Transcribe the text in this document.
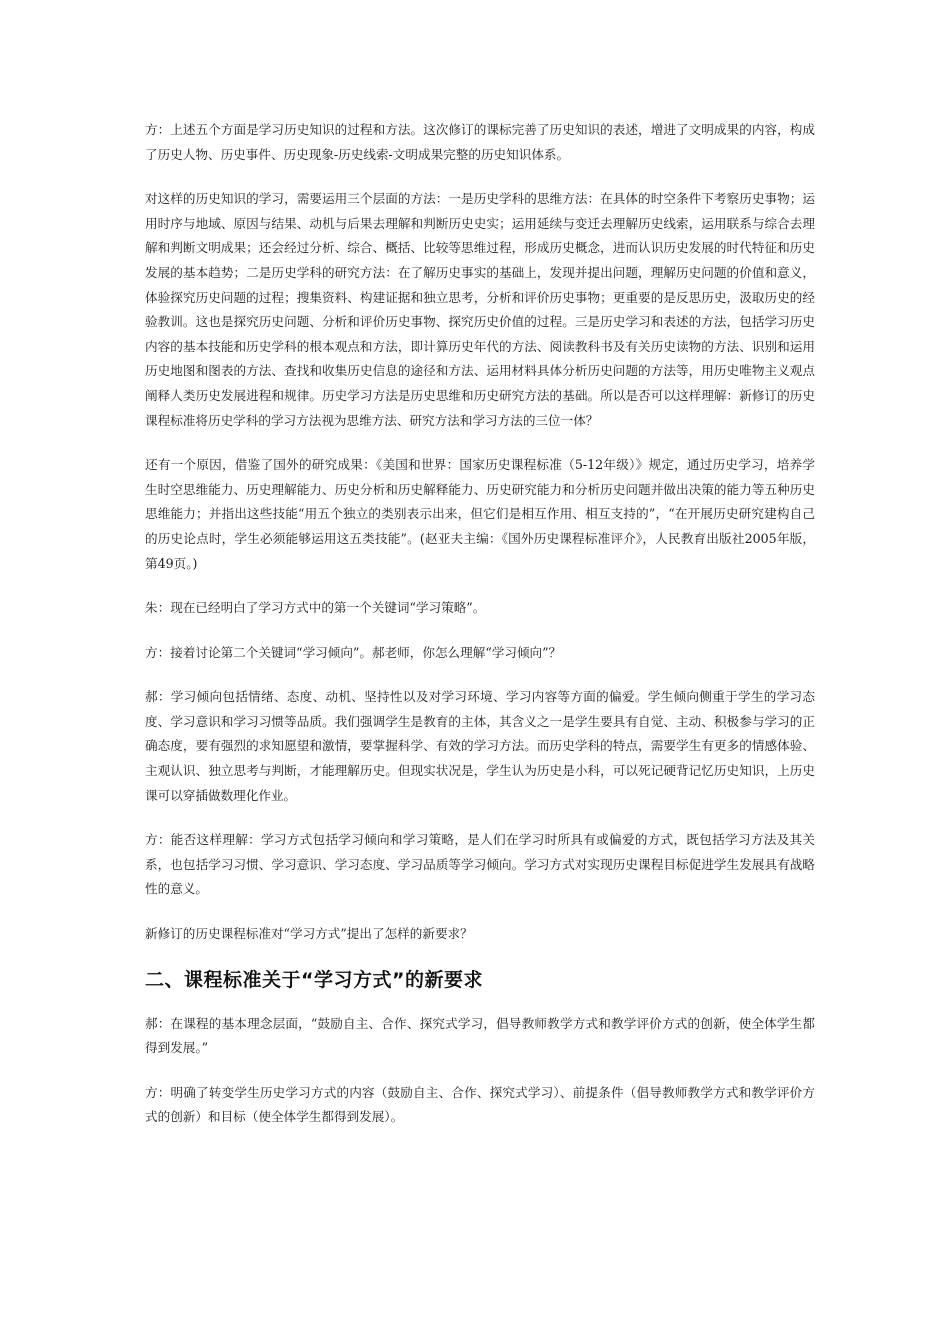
方：上述五个方面是学习历史知识的过程和方法。这次修订的课标完善了历史知识的表述，增进了文明成果的内容，构成了历史人物、历史事件、历史现象-历史线索-文明成果完整的历史知识体系。

对这样的历史知识的学习，需要运用三个层面的方法：一是历史学科的思维方法：在具体的时空条件下考察历史事物；运用时序与地域、原因与结果、动机与后果去理解和判断历史史实；运用延续与变迁去理解历史线索，运用联系与综合去理解和判断文明成果；还会经过分析、综合、概括、比较等思维过程，形成历史概念，进而认识历史发展的时代特征和历史发展的基本趋势；二是历史学科的研究方法：在了解历史事实的基础上，发现并提出问题，理解历史问题的价值和意义，体验探究历史问题的过程；搜集资料、构建证据和独立思考，分析和评价历史事物；更重要的是反思历史，汲取历史的经验教训。这也是探究历史问题、分析和评价历史事物、探究历史价值的过程。三是历史学习和表述的方法，包括学习历史内容的基本技能和历史学科的根本观点和方法，即计算历史年代的方法、阅读教科书及有关历史读物的方法、识别和运用历史地图和图表的方法、查找和收集历史信息的途径和方法、运用材料具体分析历史问题的方法等，用历史唯物主义观点阐释人类历史发展进程和规律。历史学习方法是历史思维和历史研究方法的基础。所以是否可以这样理解：新修订的历史课程标准将历史学科的学习方法视为思维方法、研究方法和学习方法的三位一体？

还有一个原因，借鉴了国外的研究成果：《美国和世界：国家历史课程标准（5-12年级）》规定，通过历史学习，培养学生时空思维能力、历史理解能力、历史分析和历史解释能力、历史研究能力和分析历史问题并做出决策的能力等五种历史思维能力；并指出这些技能“用五个独立的类别表示出来，但它们是相互作用、相互支持的”，“在开展历史研究建构自己的历史论点时，学生必须能够运用这五类技能”。(赵亚夫主编：《国外历史课程标准评介》，人民教育出版社2005年版，第49页。)

朱：现在已经明白了学习方式中的第一个关键词“学习策略”。

方：接着讨论第二个关键词“学习倾向”。郝老师，你怎么理解“学习倾向”？

郝：学习倾向包括情绪、态度、动机、坚持性以及对学习环境、学习内容等方面的偏爱。学生倾向侧重于学生的学习态度、学习意识和学习习惯等品质。我们强调学生是教育的主体，其含义之一是学生要具有自觉、主动、积极参与学习的正确态度，要有强烈的求知愿望和激情，要掌握科学、有效的学习方法。而历史学科的特点，需要学生有更多的情感体验、主观认识、独立思考与判断，才能理解历史。但现实状况是，学生认为历史是小科，可以死记硬背记忆历史知识，上历史课可以穿插做数理化作业。

方：能否这样理解：学习方式包括学习倾向和学习策略，是人们在学习时所具有或偏爱的方式，既包括学习方法及其关系，也包括学习习惯、学习意识、学习态度、学习品质等学习倾向。学习方式对实现历史课程目标促进学生发展具有战略性的意义。

新修订的历史课程标准对“学习方式”提出了怎样的新要求？

二、课程标准关于“学习方式”的新要求

郝：在课程的基本理念层面，“鼓励自主、合作、探究式学习，倡导教师教学方式和教学评价方式的创新，使全体学生都得到发展。”

方：明确了转变学生历史学习方式的内容（鼓励自主、合作、探究式学习）、前提条件（倡导教师教学方式和教学评价方式的创新）和目标（使全体学生都得到发展）。
